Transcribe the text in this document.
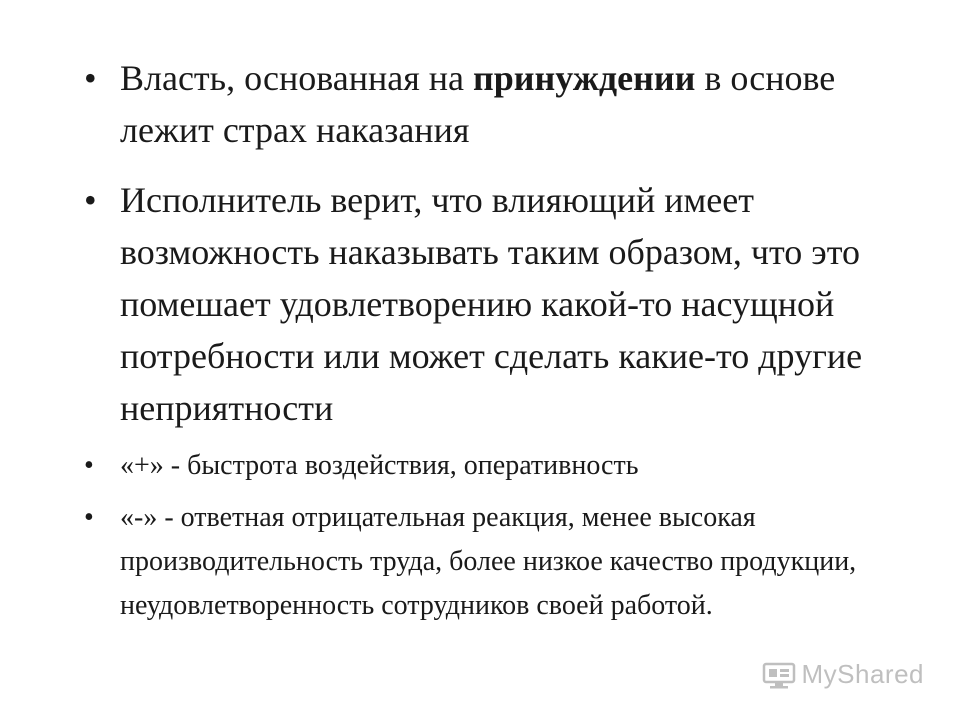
• Власть, основанная на принуждении в основе лежит страх наказания
• Исполнитель верит, что влияющий имеет возможность наказывать таким образом, что это помешает удовлетворению какой-то насущной потребности или может сделать какие-то другие неприятности
• «+» - быстрота воздействия, оперативность
• «-» - ответная отрицательная реакция, менее высокая производительность труда, более низкое качество продукции, неудовлетворенность сотрудников своей работой.
MyShared
